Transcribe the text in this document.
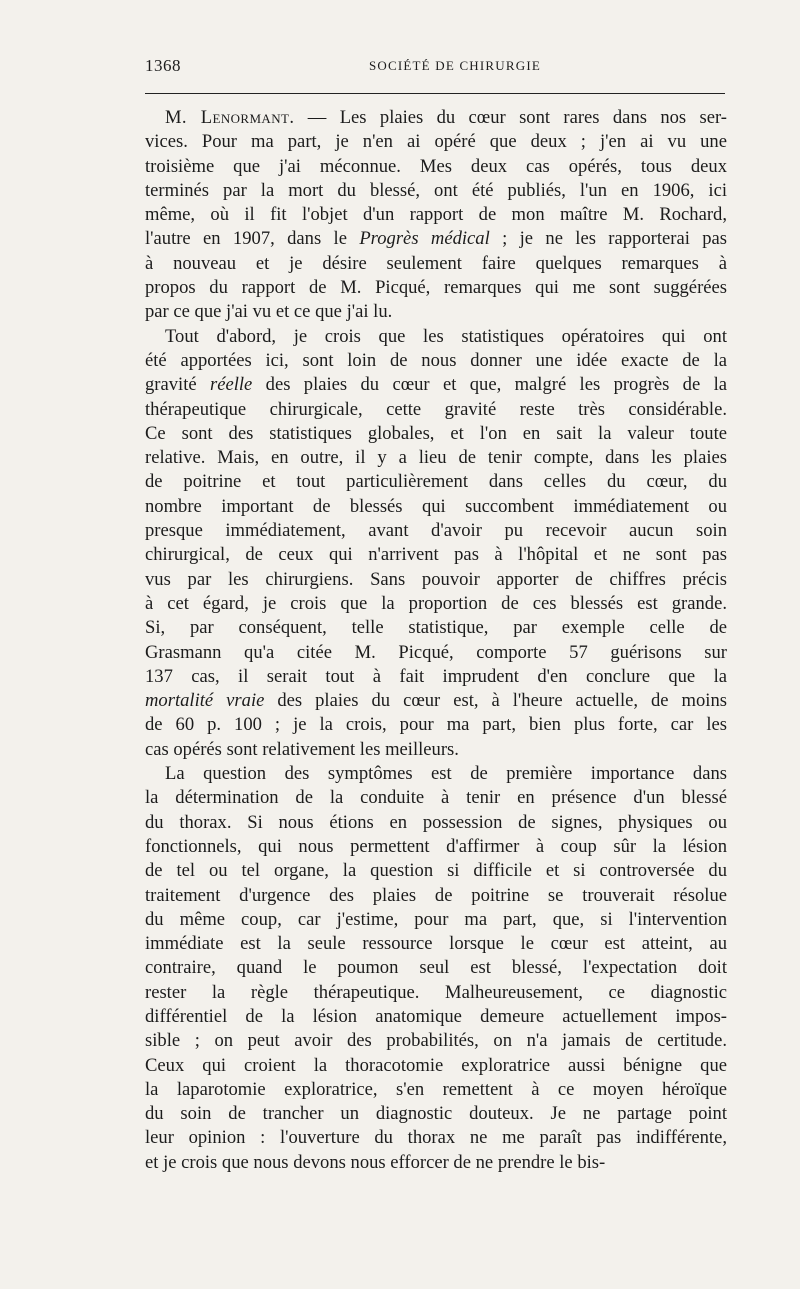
1368	SOCIÉTÉ DE CHIRURGIE
M. Lenormant. — Les plaies du cœur sont rares dans nos ser-
vices. Pour ma part, je n'en ai opéré que deux ; j'en ai vu une
troisième que j'ai méconnue. Mes deux cas opérés, tous deux
terminés par la mort du blessé, ont été publiés, l'un en 1906, ici
même, où il fit l'objet d'un rapport de mon maître M. Rochard,
l'autre en 1907, dans le Progrès médical ; je ne les rapporterai pas
à nouveau et je désire seulement faire quelques remarques à
propos du rapport de M. Picqué, remarques qui me sont suggérées
par ce que j'ai vu et ce que j'ai lu.
Tout d'abord, je crois que les statistiques opératoires qui ont
été apportées ici, sont loin de nous donner une idée exacte de la
gravité réelle des plaies du cœur et que, malgré les progrès de la
thérapeutique chirurgicale, cette gravité reste très considérable.
Ce sont des statistiques globales, et l'on en sait la valeur toute
relative. Mais, en outre, il y a lieu de tenir compte, dans les plaies
de poitrine et tout particulièrement dans celles du cœur, du
nombre important de blessés qui succombent immédiatement ou
presque immédiatement, avant d'avoir pu recevoir aucun soin
chirurgical, de ceux qui n'arrivent pas à l'hôpital et ne sont pas
vus par les chirurgiens. Sans pouvoir apporter de chiffres précis
à cet égard, je crois que la proportion de ces blessés est grande.
Si, par conséquent, telle statistique, par exemple celle de
Grasmann qu'a citée M. Picqué, comporte 57 guérisons sur
137 cas, il serait tout à fait imprudent d'en conclure que la
mortalité vraie des plaies du cœur est, à l'heure actuelle, de moins
de 60 p. 100 ; je la crois, pour ma part, bien plus forte, car les
cas opérés sont relativement les meilleurs.
La question des symptômes est de première importance dans
la détermination de la conduite à tenir en présence d'un blessé
du thorax. Si nous étions en possession de signes, physiques ou
fonctionnels, qui nous permettent d'affirmer à coup sûr la lésion
de tel ou tel organe, la question si difficile et si controversée du
traitement d'urgence des plaies de poitrine se trouverait résolue
du même coup, car j'estime, pour ma part, que, si l'intervention
immédiate est la seule ressource lorsque le cœur est atteint, au
contraire, quand le poumon seul est blessé, l'expectation doit
rester la règle thérapeutique. Malheureusement, ce diagnostic
différentiel de la lésion anatomique demeure actuellement impos-
sible ; on peut avoir des probabilités, on n'a jamais de certitude.
Ceux qui croient la thoracotomie exploratrice aussi bénigne que
la laparotomie exploratrice, s'en remettent à ce moyen héroïque
du soin de trancher un diagnostic douteux. Je ne partage point
leur opinion : l'ouverture du thorax ne me paraît pas indifférente,
et je crois que nous devons nous efforcer de ne prendre le bis-
